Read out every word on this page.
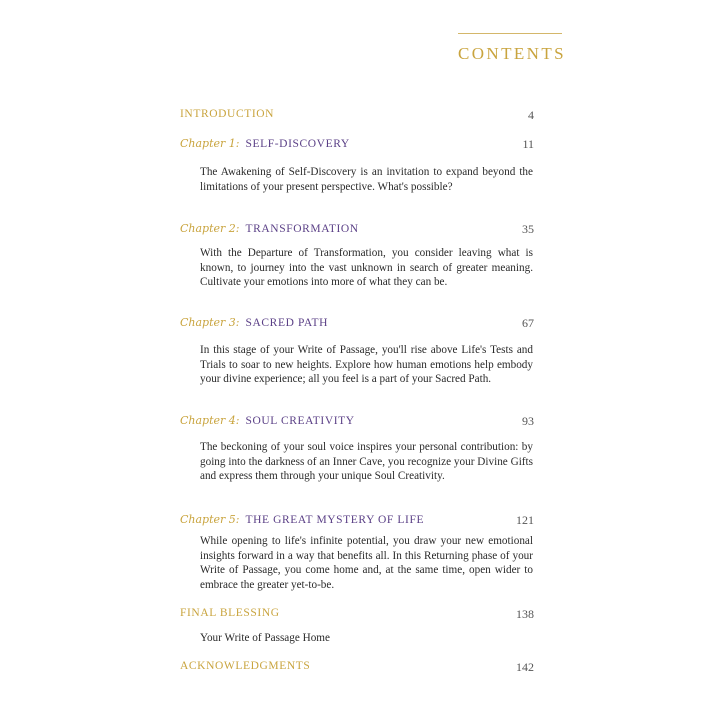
CONTENTS
INTRODUCTION	4
Chapter 1: SELF-DISCOVERY	11

The Awakening of Self-Discovery is an invitation to expand beyond the limitations of your present perspective. What's possible?

Chapter 2: TRANSFORMATION	35

With the Departure of Transformation, you consider leaving what is known, to journey into the vast unknown in search of greater meaning. Cultivate your emotions into more of what they can be.

Chapter 3: SACRED PATH	67

In this stage of your Write of Passage, you'll rise above Life's Tests and Trials to soar to new heights. Explore how human emotions help embody your divine experience; all you feel is a part of your Sacred Path.

Chapter 4: SOUL CREATIVITY	93

The beckoning of your soul voice inspires your personal contribution: by going into the darkness of an Inner Cave, you recognize your Divine Gifts and express them through your unique Soul Creativity.

Chapter 5: THE GREAT MYSTERY OF LIFE	121

While opening to life's infinite potential, you draw your new emotional insights forward in a way that benefits all. In this Returning phase of your Write of Passage, you come home and, at the same time, open wider to embrace the greater yet-to-be.

FINAL BLESSING	138

Your Write of Passage Home

ACKNOWLEDGMENTS	142
